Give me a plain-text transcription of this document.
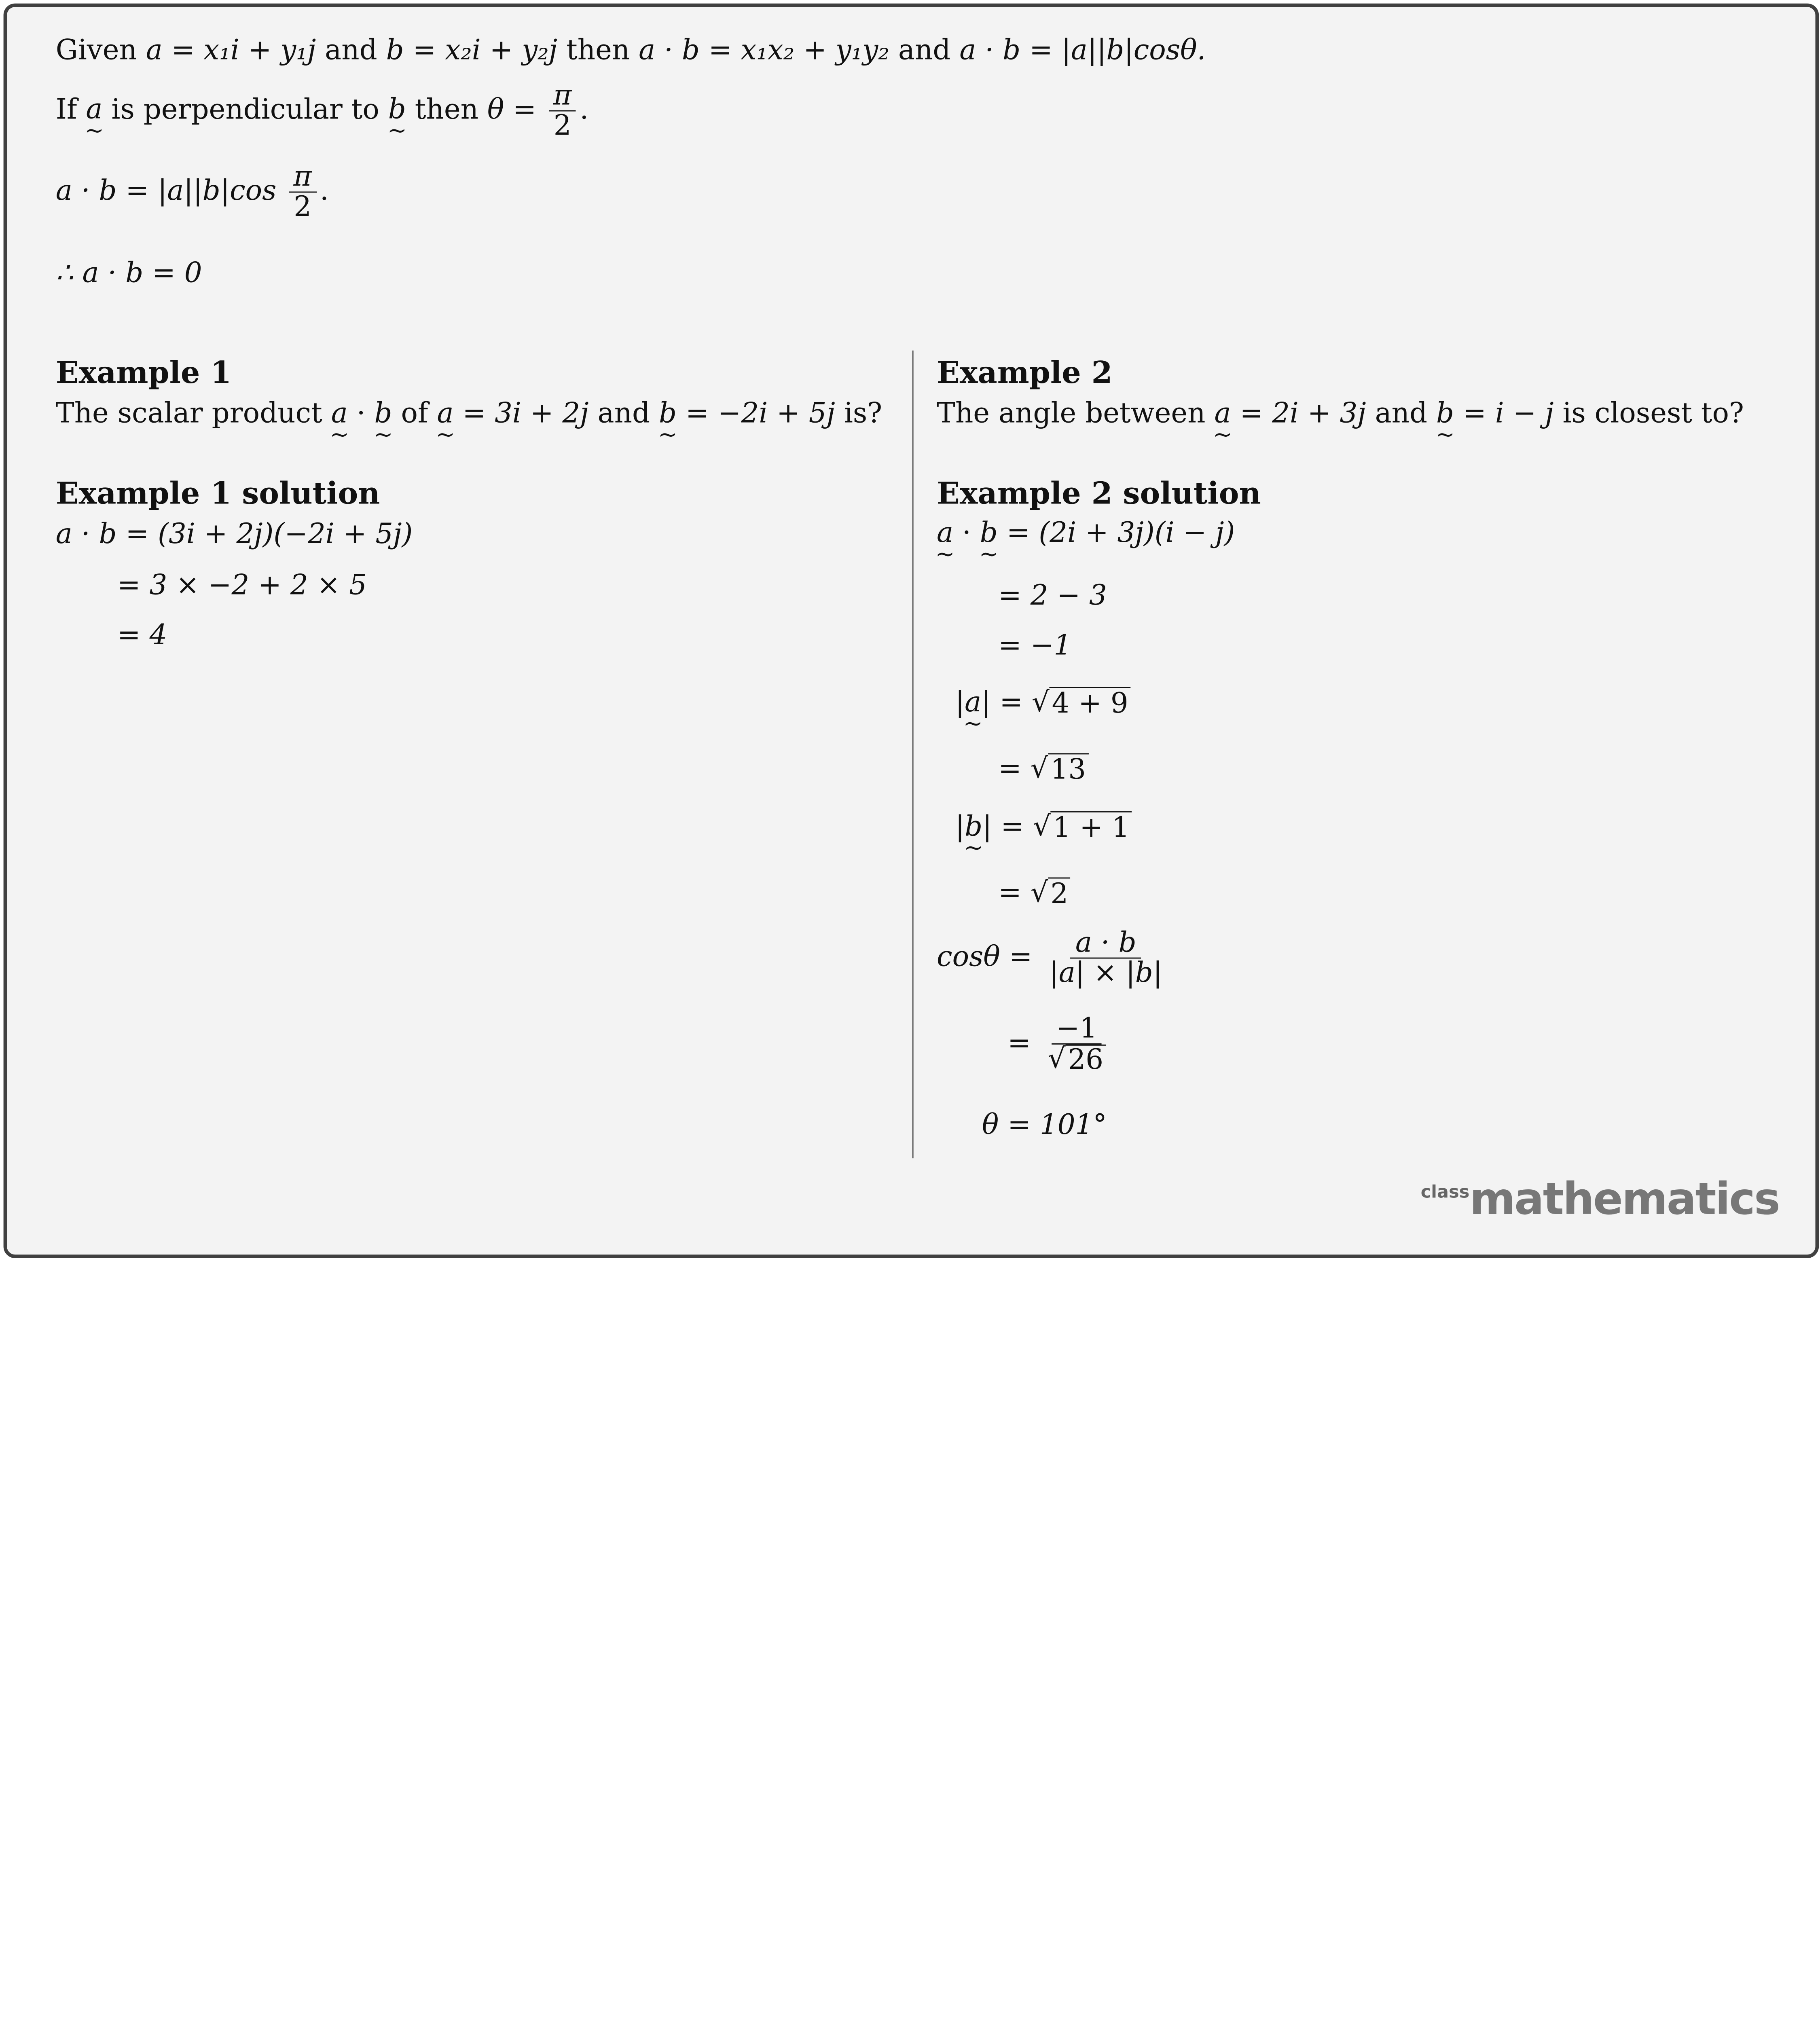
Given a = x₁i + y₁j and b = x₂i + y₂j then a · b = x₁x₂ + y₁y₂ and a · b = |a||b|cosθ.
If a ~ is perpendicular to b ~ then $\theta = \frac{\pi}{2}$ .
$a \cdot b = |a||b|\cos \frac{\pi}{2}$ .
∴ a · b = 0
Example 1
The scalar product a ~ · b ~ of a ~ = 3i + 2j and b ~ = −2i + 5j is?
Example 1 solution
a · b = (3i + 2j)(−2i + 5j)
= 3 × −2 + 2 × 5
= 4
Example 2
The angle between a ~ = 2i + 3j and b ~ = i − j is closest to?
Example 2 solution
a ~ · b ~ = (2i + 3j)(i − j)
= 2 − 3
= −1
|a ~| = √ 4 + 9
= √ 13
|b ~| = √ 1 + 1
= √ 2
$\cos\theta = \frac{a \cdot b}{|a| \times |b|}$
= $\frac{-1}{√ 26}$
θ = 101°
$^{class}$mathematics
